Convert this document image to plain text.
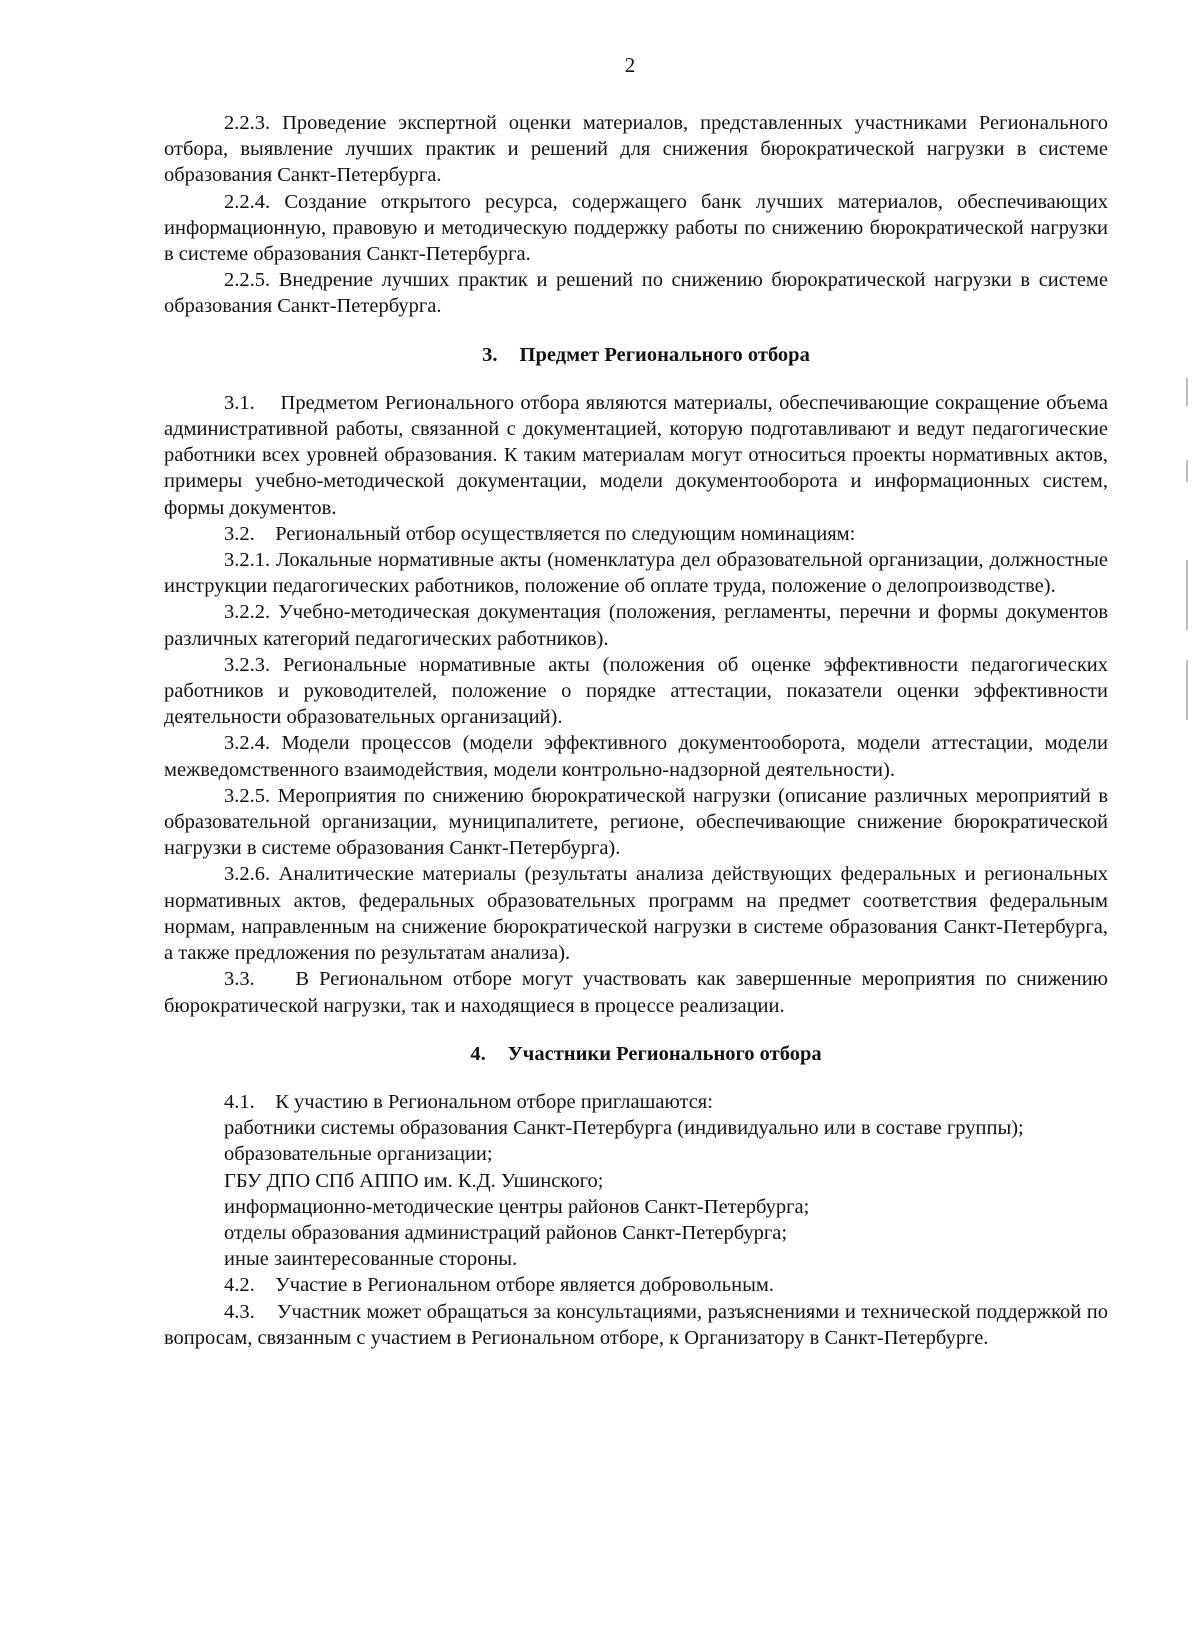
2

2.2.3. Проведение экспертной оценки материалов, представленных участниками Регионального отбора, выявление лучших практик и решений для снижения бюрократической нагрузки в системе образования Санкт-Петербурга.

2.2.4. Создание открытого ресурса, содержащего банк лучших материалов, обеспечивающих информационную, правовую и методическую поддержку работы по снижению бюрократической нагрузки в системе образования Санкт-Петербурга.

2.2.5. Внедрение лучших практик и решений по снижению бюрократической нагрузки в системе образования Санкт-Петербурга.

3. Предмет Регионального отбора

3.1.    Предметом Регионального отбора являются материалы, обеспечивающие сокращение объема административной работы, связанной с документацией, которую подготавливают и ведут педагогические работники всех уровней образования. К таким материалам могут относиться проекты нормативных актов, примеры учебно-методической документации, модели документооборота и информационных систем, формы документов.

3.2.    Региональный отбор осуществляется по следующим номинациям:

3.2.1. Локальные нормативные акты (номенклатура дел образовательной организации, должностные инструкции педагогических работников, положение об оплате труда, положение о делопроизводстве).

3.2.2. Учебно-методическая документация (положения, регламенты, перечни и формы документов различных категорий педагогических работников).

3.2.3. Региональные нормативные акты (положения об оценке эффективности педагогических работников и руководителей, положение о порядке аттестации, показатели оценки эффективности деятельности образовательных организаций).

3.2.4. Модели процессов (модели эффективного документооборота, модели аттестации, модели межведомственного взаимодействия, модели контрольно-надзорной деятельности).

3.2.5. Мероприятия по снижению бюрократической нагрузки (описание различных мероприятий в образовательной организации, муниципалитете, регионе, обеспечивающие снижение бюрократической нагрузки в системе образования Санкт-Петербурга).

3.2.6. Аналитические материалы (результаты анализа действующих федеральных и региональных нормативных актов, федеральных образовательных программ на предмет соответствия федеральным нормам, направленным на снижение бюрократической нагрузки в системе образования Санкт-Петербурга, а также предложения по результатам анализа).

3.3.    В Региональном отборе могут участвовать как завершенные мероприятия по снижению бюрократической нагрузки, так и находящиеся в процессе реализации.

4. Участники Регионального отбора

4.1.    К участию в Региональном отборе приглашаются:

работники системы образования Санкт-Петербурга (индивидуально или в составе группы);

образовательные организации;

ГБУ ДПО СПб АППО им. К.Д. Ушинского;

информационно-методические центры районов Санкт-Петербурга;

отделы образования администраций районов Санкт-Петербурга;

иные заинтересованные стороны.

4.2.    Участие в Региональном отборе является добровольным.

4.3.    Участник может обращаться за консультациями, разъяснениями и технической поддержкой по вопросам, связанным с участием в Региональном отборе, к Организатору в Санкт-Петербурге.
